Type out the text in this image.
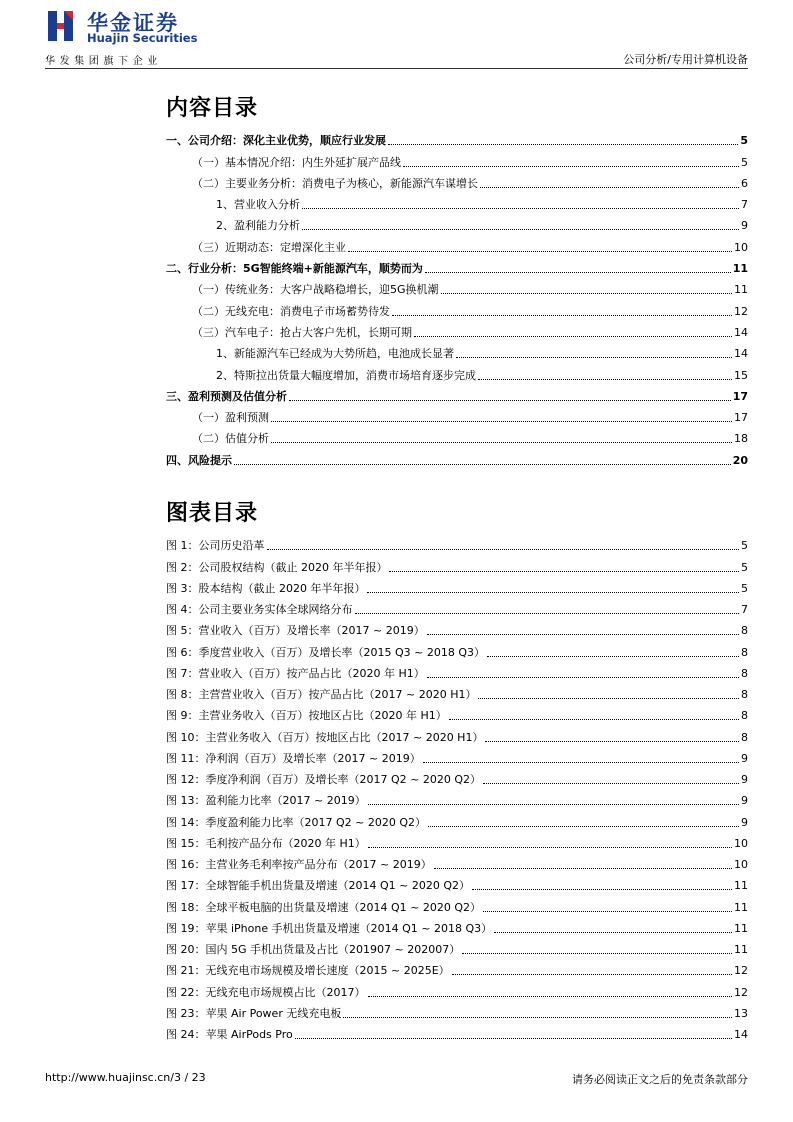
华金证券
Huajin Securities
华发集团旗下企业	公司分析/专用计算机设备
内容目录
一、公司介绍：深化主业优势，顺应行业发展	5
（一）基本情况介绍：内生外延扩展产品线	5
（二）主要业务分析：消费电子为核心，新能源汽车谋增长	6
1、营业收入分析	7
2、盈利能力分析	9
（三）近期动态：定增深化主业	10
二、行业分析：5G智能终端+新能源汽车，顺势而为	11
（一）传统业务：大客户战略稳增长，迎5G换机潮	11
（二）无线充电：消费电子市场蓄势待发	12
（三）汽车电子：抢占大客户先机，长期可期	14
1、新能源汽车已经成为大势所趋，电池成长显著	14
2、特斯拉出货量大幅度增加，消费市场培育逐步完成	15
三、盈利预测及估值分析	17
（一）盈利预测	17
（二）估值分析	18
四、风险提示	20
图表目录
图 1：公司历史沿革	5
图 2：公司股权结构（截止 2020 年半年报）	5
图 3：股本结构（截止 2020 年半年报）	5
图 4：公司主要业务实体全球网络分布	7
图 5：营业收入（百万）及增长率（2017 ~ 2019）	8
图 6：季度营业收入（百万）及增长率（2015 Q3 ~ 2018 Q3）	8
图 7：营业收入（百万）按产品占比（2020 年 H1）	8
图 8：主营营业收入（百万）按产品占比（2017 ~ 2020 H1）	8
图 9：主营业务收入（百万）按地区占比（2020 年 H1）	8
图 10：主营业务收入（百万）按地区占比（2017 ~ 2020 H1）	8
图 11：净利润（百万）及增长率（2017 ~ 2019）	9
图 12：季度净利润（百万）及增长率（2017 Q2 ~ 2020 Q2）	9
图 13：盈利能力比率（2017 ~ 2019）	9
图 14：季度盈利能力比率（2017 Q2 ~ 2020 Q2）	9
图 15：毛利按产品分布（2020 年 H1）	10
图 16：主营业务毛利率按产品分布（2017 ~ 2019）	10
图 17：全球智能手机出货量及增速（2014 Q1 ~ 2020 Q2）	11
图 18：全球平板电脑的出货量及增速（2014 Q1 ~ 2020 Q2）	11
图 19：苹果 iPhone 手机出货量及增速（2014 Q1 ~ 2018 Q3）	11
图 20：国内 5G 手机出货量及占比（201907 ~ 202007）	11
图 21：无线充电市场规模及增长速度（2015 ~ 2025E）	12
图 22：无线充电市场规模占比（2017）	12
图 23：苹果 Air Power 无线充电板	13
图 24：苹果 AirPods Pro	14
http://www.huajinsc.cn/3 / 23	请务必阅读正文之后的免责条款部分
